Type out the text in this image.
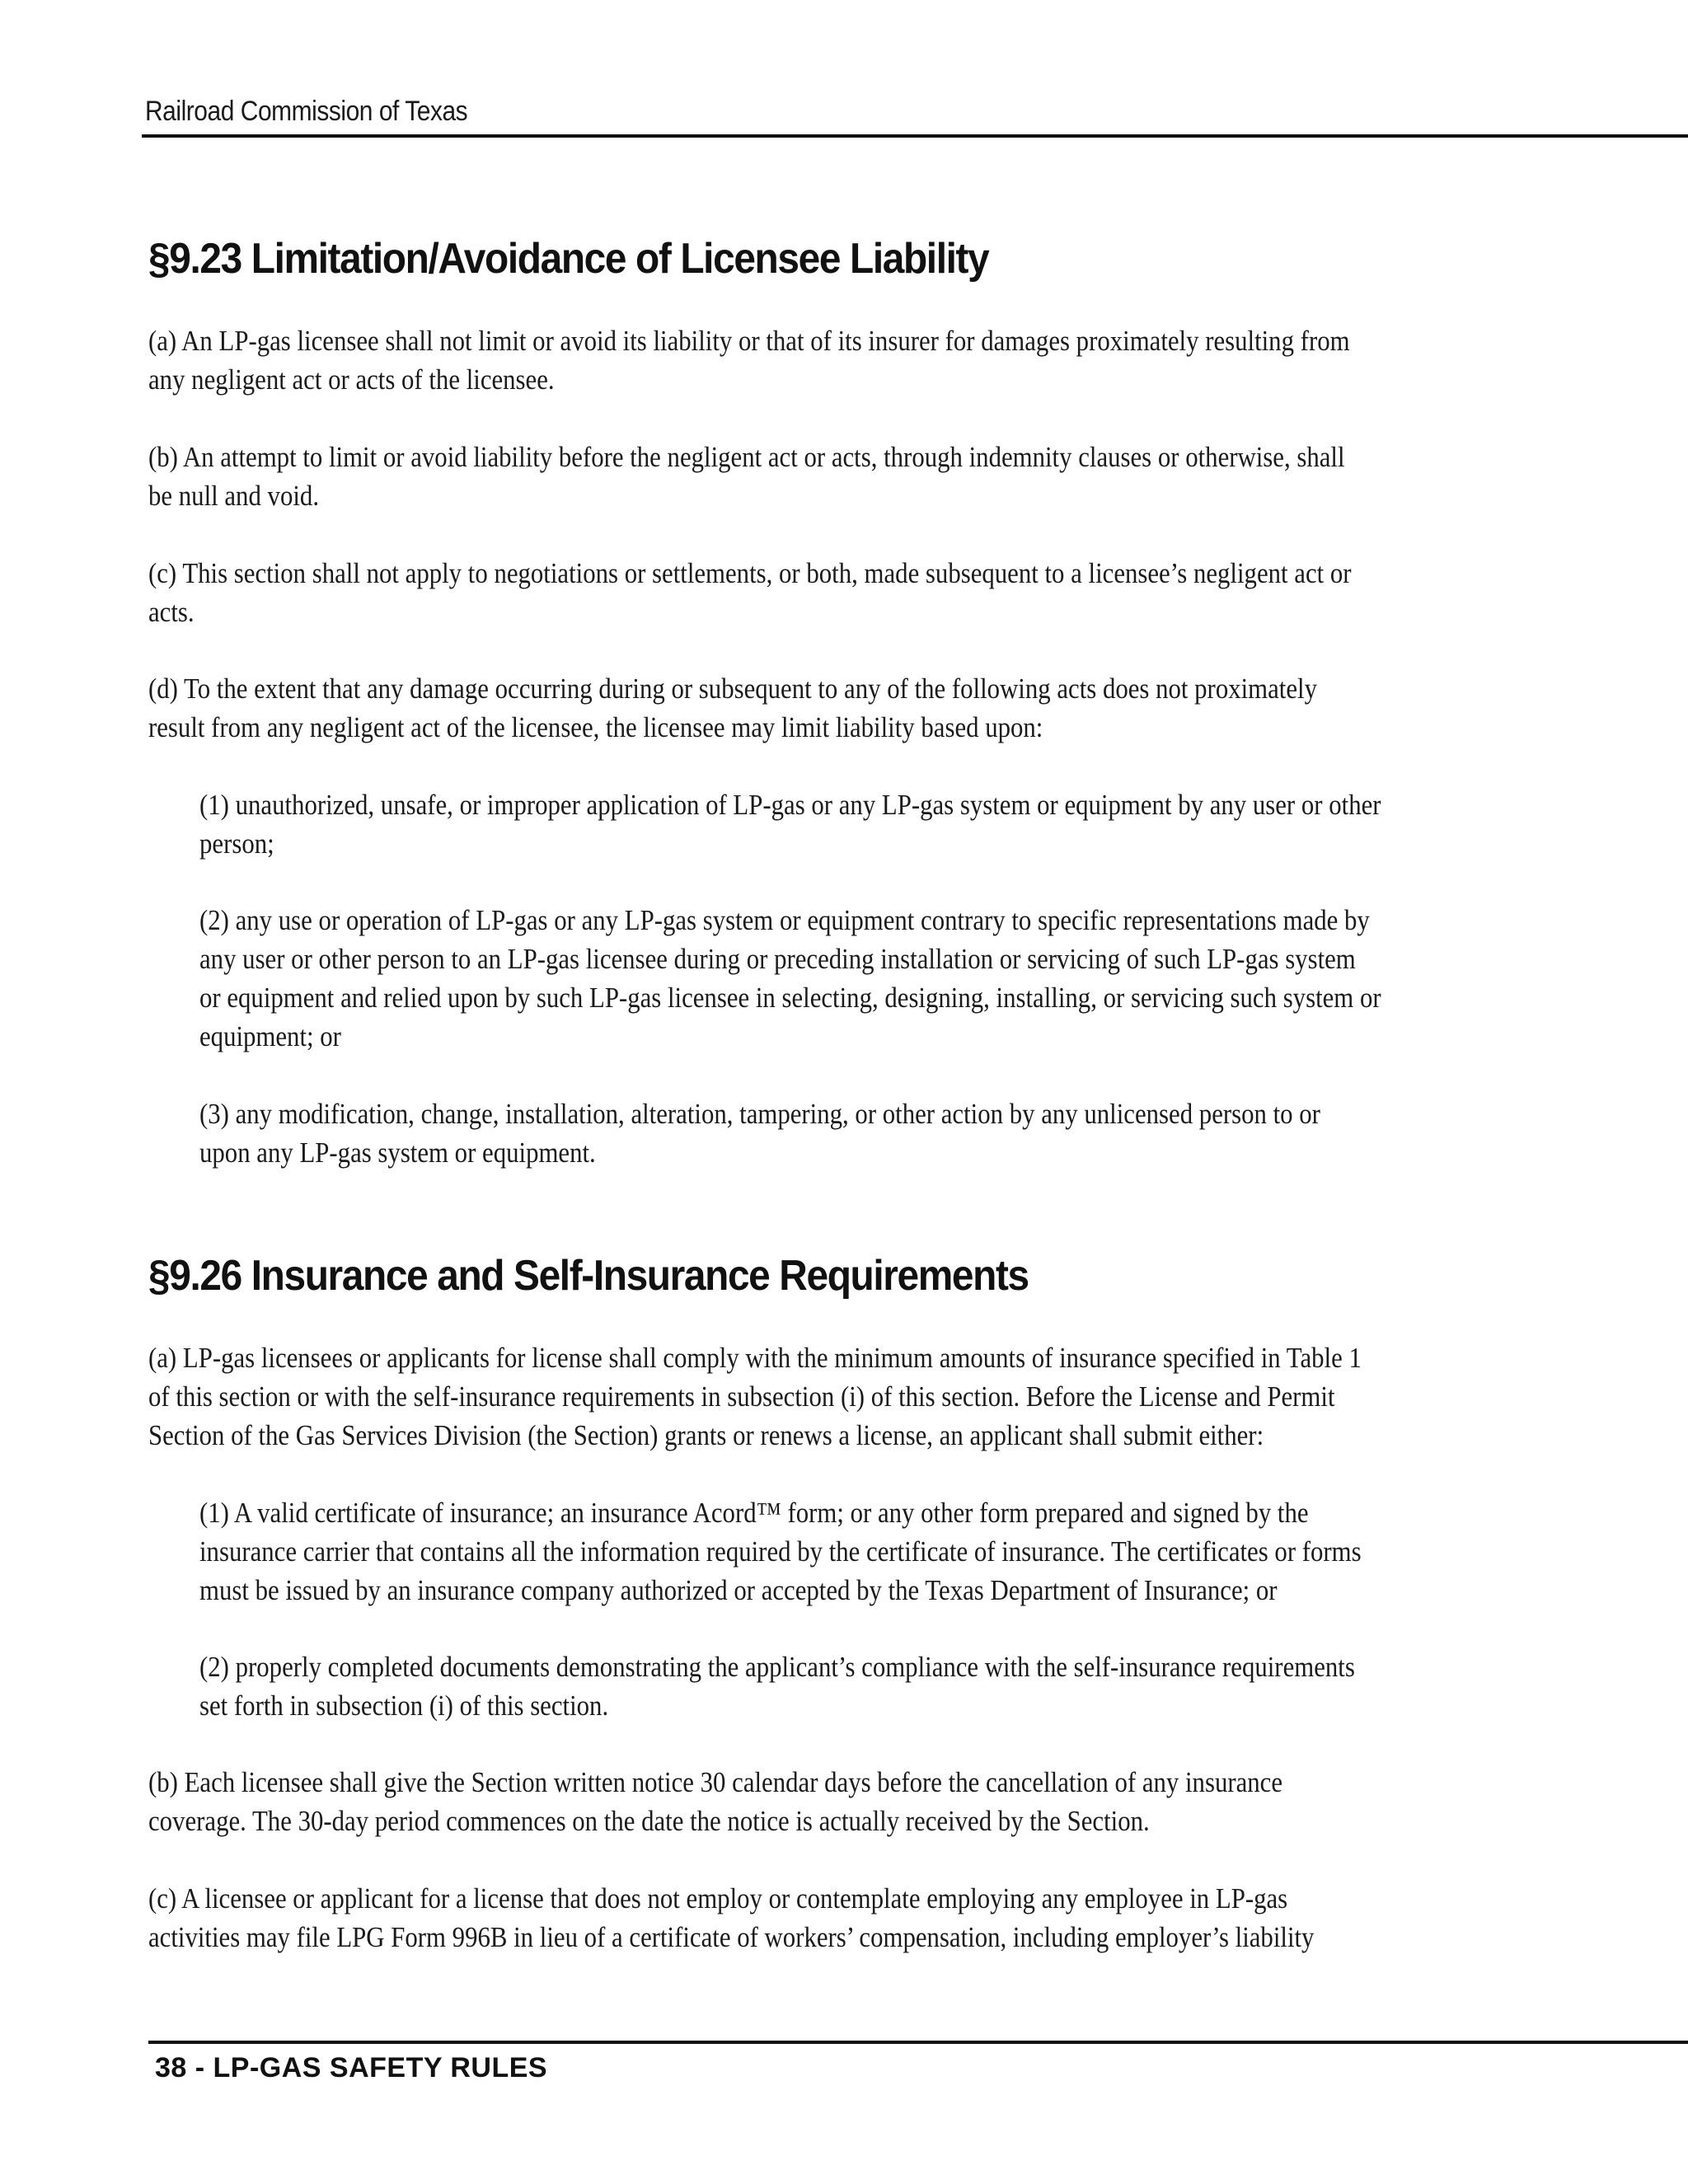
Railroad Commission of Texas
§9.23 Limitation/Avoidance of Licensee Liability
(a) An LP-gas licensee shall not limit or avoid its liability or that of its insurer for damages proximately resulting from
any negligent act or acts of the licensee.
(b) An attempt to limit or avoid liability before the negligent act or acts, through indemnity clauses or otherwise, shall
be null and void.
(c) This section shall not apply to negotiations or settlements, or both, made subsequent to a licensee’s negligent act or
acts.
(d) To the extent that any damage occurring during or subsequent to any of the following acts does not proximately
result from any negligent act of the licensee, the licensee may limit liability based upon:
(1) unauthorized, unsafe, or improper application of LP-gas or any LP-gas system or equipment by any user or other
person;
(2) any use or operation of LP-gas or any LP-gas system or equipment contrary to specific representations made by
any user or other person to an LP-gas licensee during or preceding installation or servicing of such LP-gas system
or equipment and relied upon by such LP-gas licensee in selecting, designing, installing, or servicing such system or
equipment; or
(3) any modification, change, installation, alteration, tampering, or other action by any unlicensed person to or
upon any LP-gas system or equipment.
§9.26 Insurance and Self-Insurance Requirements
(a) LP-gas licensees or applicants for license shall comply with the minimum amounts of insurance specified in Table 1
of this section or with the self-insurance requirements in subsection (i) of this section. Before the License and Permit
Section of the Gas Services Division (the Section) grants or renews a license, an applicant shall submit either:
(1) A valid certificate of insurance; an insurance Acord™ form; or any other form prepared and signed by the
insurance carrier that contains all the information required by the certificate of insurance. The certificates or forms
must be issued by an insurance company authorized or accepted by the Texas Department of Insurance; or
(2) properly completed documents demonstrating the applicant’s compliance with the self-insurance requirements
set forth in subsection (i) of this section.
(b) Each licensee shall give the Section written notice 30 calendar days before the cancellation of any insurance
coverage. The 30-day period commences on the date the notice is actually received by the Section.
(c) A licensee or applicant for a license that does not employ or contemplate employing any employee in LP-gas
activities may file LPG Form 996B in lieu of a certificate of workers’ compensation, including employer’s liability
38 - LP-GAS SAFETY RULES
